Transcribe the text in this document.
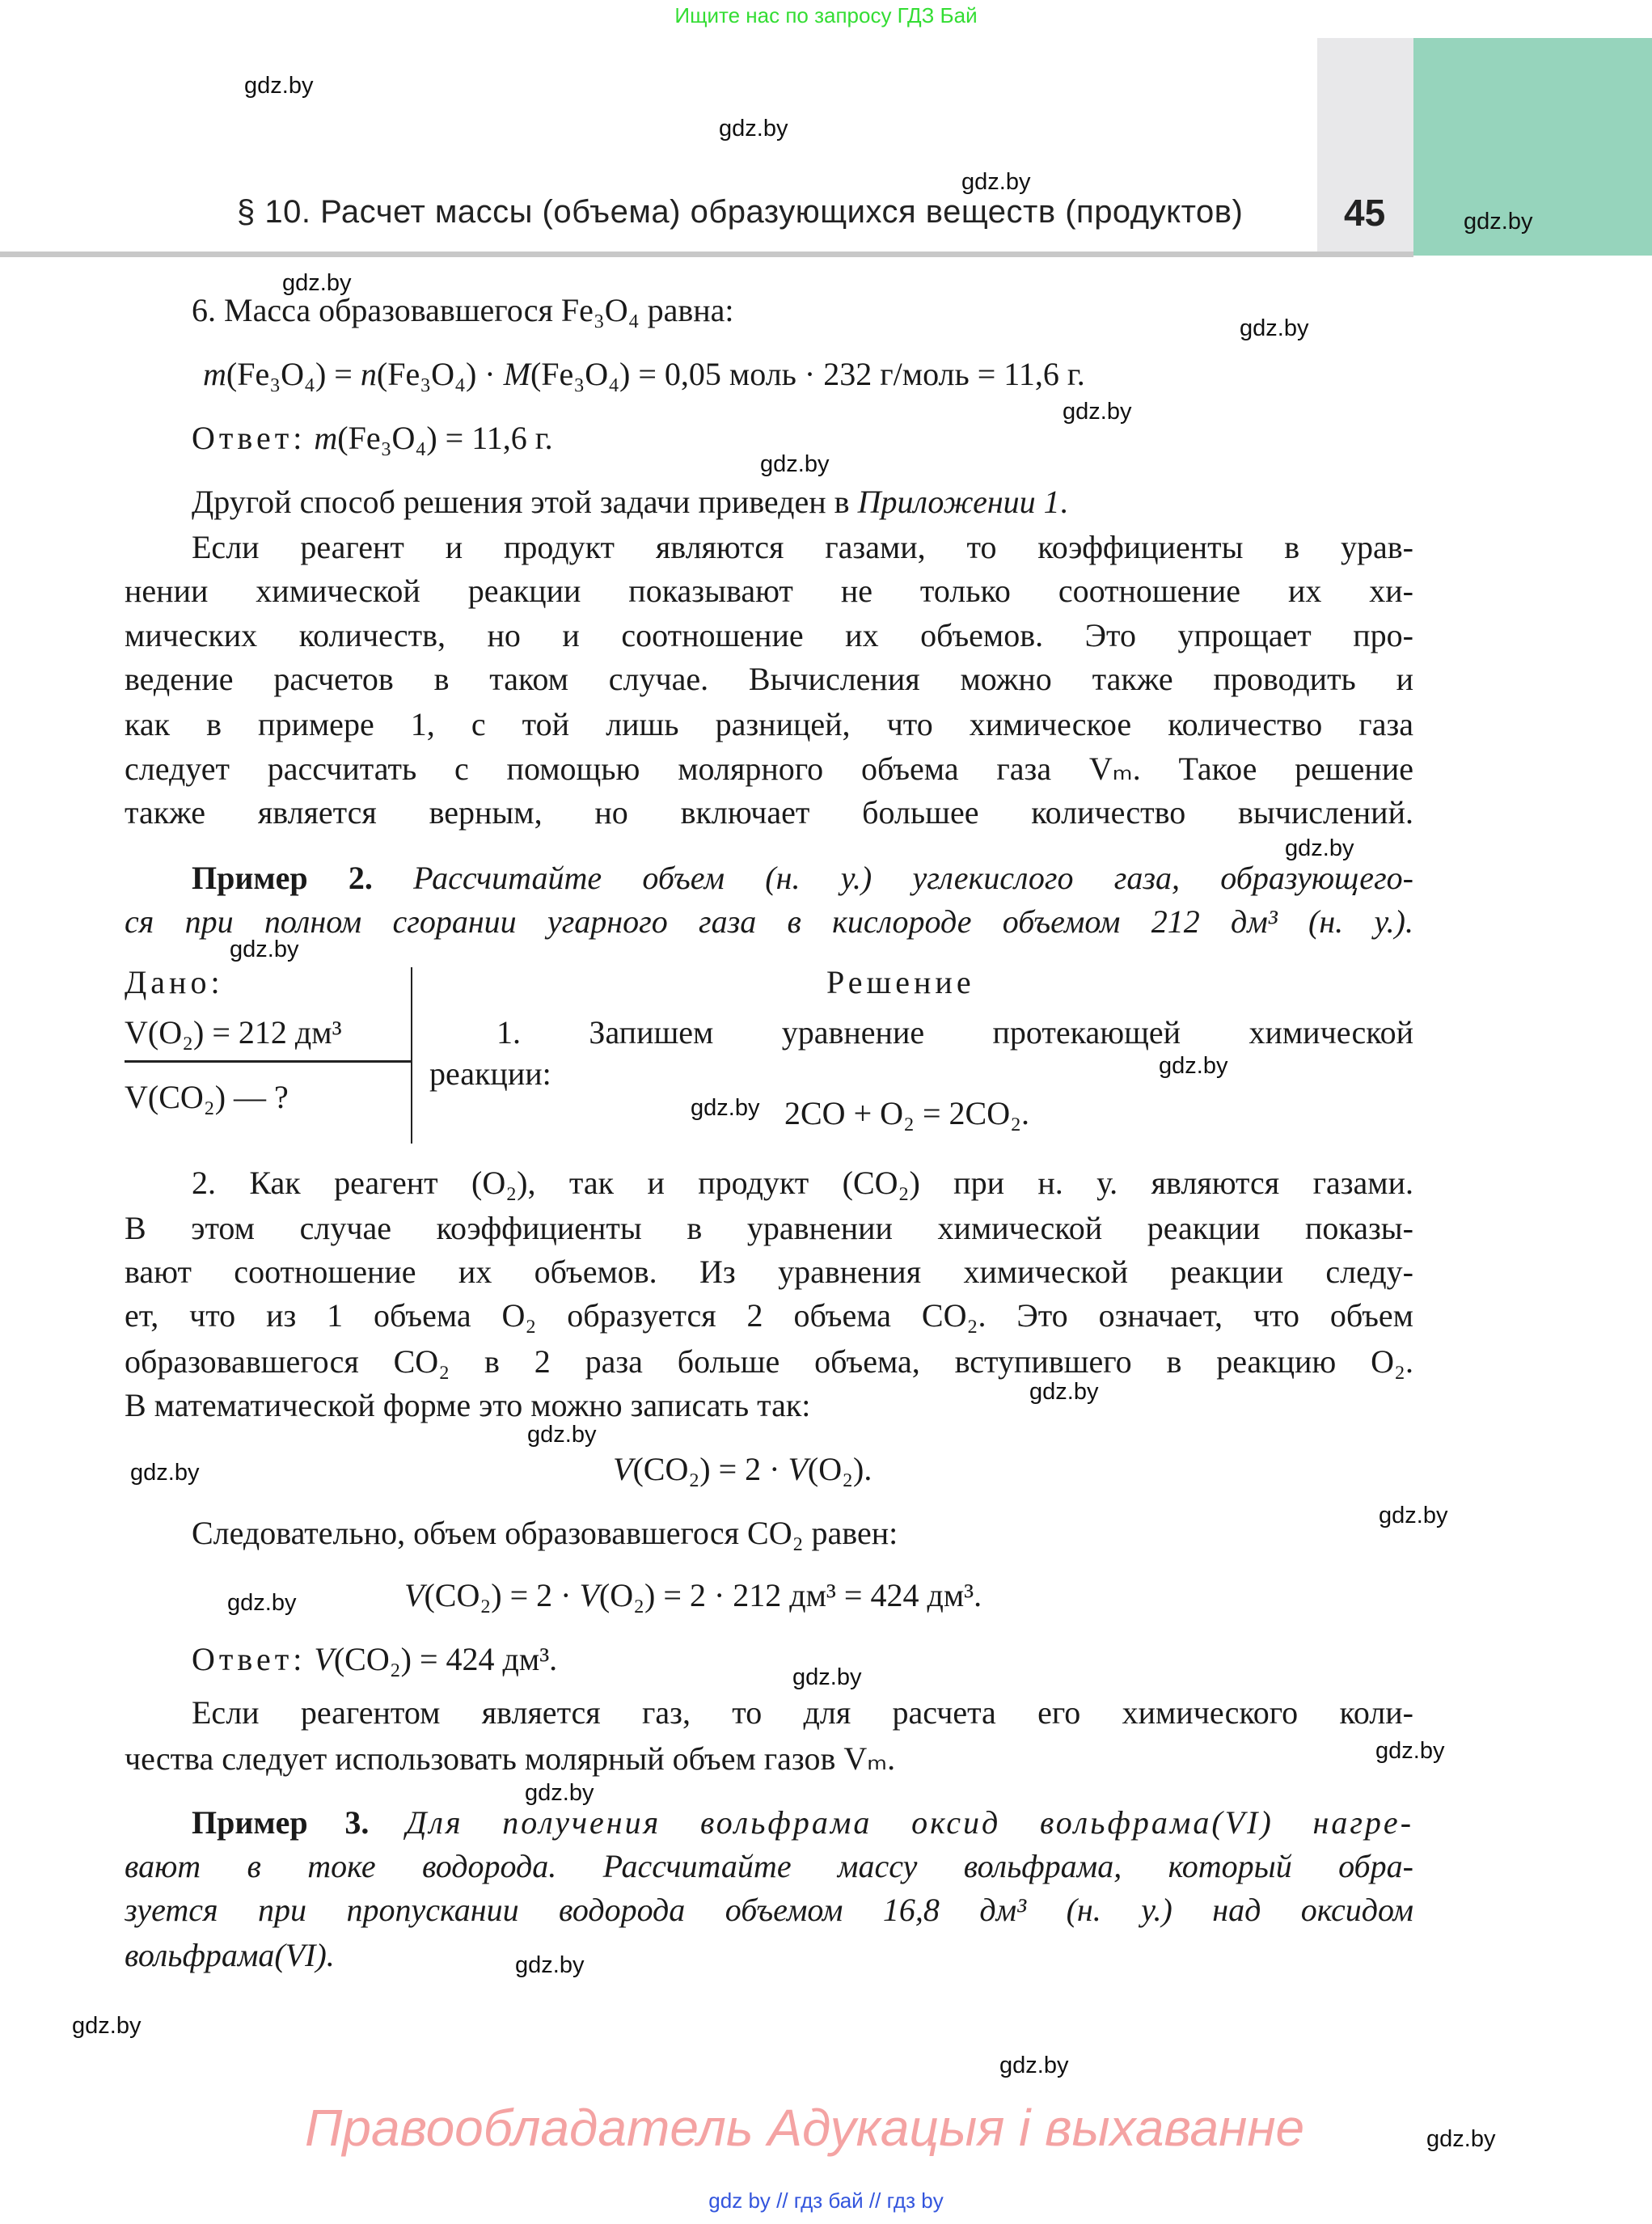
Ищите нас по запросу ГДЗ Бай
§ 10. Расчет массы (объема) образующихся веществ (продуктов)	45
6. Масса образовавшегося Fe₃O₄ равна:
m(Fe₃O₄) = n(Fe₃O₄) · M(Fe₃O₄) = 0,05 моль · 232 г/моль = 11,6 г.
Ответ: m(Fe₃O₄) = 11,6 г.
Другой способ решения этой задачи приведен в Приложении 1.
Если реагент и продукт являются газами, то коэффициенты в урав-
нении химической реакции показывают не только соотношение их хи-
мических количеств, но и соотношение их объемов. Это упрощает про-
ведение расчетов в таком случае. Вычисления можно также проводить и
как в примере 1, с той лишь разницей, что химическое количество газа
следует рассчитать с помощью молярного объема газа Vₘ. Такое решение
также является верным, но включает большее количество вычислений.
Пример 2. Рассчитайте объем (н. у.) углекислого газа, образующего-
ся при полном сгорании угарного газа в кислороде объемом 212 дм³ (н. у.).
Дано:	Решение
V(O₂) = 212 дм³
V(CO₂) — ?
1. Запишем уравнение протекающей химической
реакции:
2CO + O₂ = 2CO₂.
2. Как реагент (O₂), так и продукт (CO₂) при н. у. являются газами.
В этом случае коэффициенты в уравнении химической реакции показы-
вают соотношение их объемов. Из уравнения химической реакции следу-
ет, что из 1 объема O₂ образуется 2 объема CO₂. Это означает, что объем
образовавшегося CO₂ в 2 раза больше объема, вступившего в реакцию O₂.
В математической форме это можно записать так:
V(CO₂) = 2 · V(O₂).
Следовательно, объем образовавшегося CO₂ равен:
V(CO₂) = 2 · V(O₂) = 2 · 212 дм³ = 424 дм³.
Ответ: V(CO₂) = 424 дм³.
Если реагентом является газ, то для расчета его химического коли-
чества следует использовать молярный объем газов Vₘ.
Пример 3. Для получения вольфрама оксид вольфрама(VI) нагре-
вают в токе водорода. Рассчитайте массу вольфрама, который обра-
зуется при пропускании водорода объемом 16,8 дм³ (н. у.) над оксидом
вольфрама(VI).
gdz.by
gdz.by
gdz.by
gdz.by
gdz.by
gdz.by
gdz.by
gdz.by
gdz.by
gdz.by
gdz.by
gdz.by
gdz.by
gdz.by
gdz.by
gdz.by
gdz.by
gdz.by
gdz.by
gdz.by
gdz.by
gdz.by
gdz.by
gdz.by
Правообладатель Адукацыя і выхаванне
gdz by // гдз бай // гдз by
